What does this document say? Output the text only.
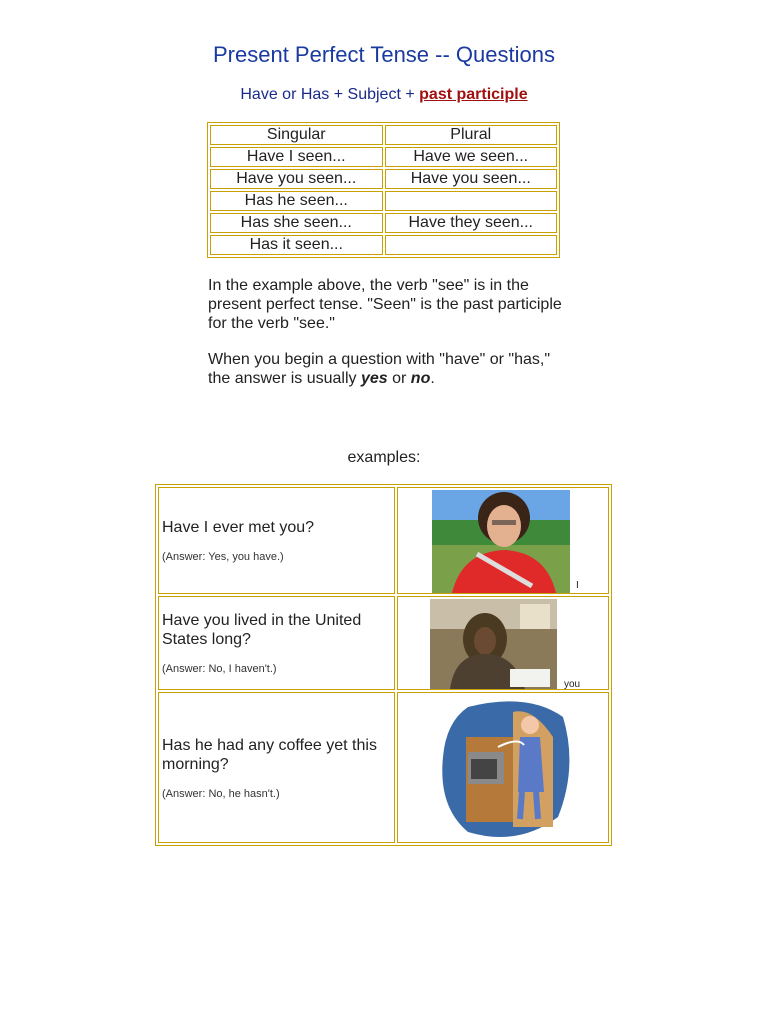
Present Perfect Tense -- Questions
Have or Has + Subject + past participle
Singular	Plural
Have I seen...	Have we seen...
Have you seen...	Have you seen...
Has he seen...	
Has she seen...	Have they seen...
Has it seen...	
In the example above, the verb "see" is in the present perfect tense. "Seen" is the past participle for the verb "see."
When you begin a question with "have" or "has," the answer is usually yes or no.
examples:
Have I ever met you?
(Answer: Yes, you have.)	I

Have you lived in the United States long?
(Answer: No, I haven't.)	you

Has he had any coffee yet this morning?
(Answer: No, he hasn't.)
